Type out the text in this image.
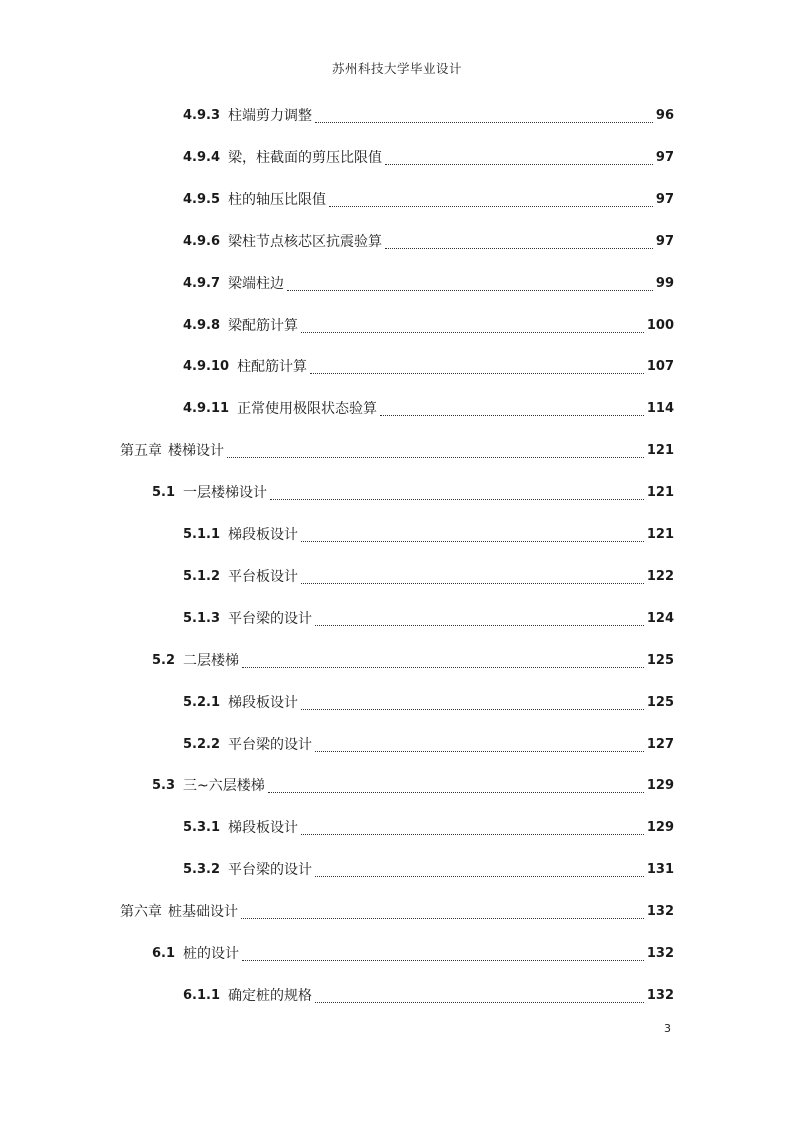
苏州科技大学毕业设计
4.9.3 柱端剪力调整	96
4.9.4 梁，柱截面的剪压比限值	97
4.9.5 柱的轴压比限值	97
4.9.6 梁柱节点核芯区抗震验算	97
4.9.7 梁端柱边	99
4.9.8 梁配筋计算	100
4.9.10 柱配筋计算	107
4.9.11 正常使用极限状态验算	114
第五章 楼梯设计	121
5.1 一层楼梯设计	121
5.1.1 梯段板设计	121
5.1.2 平台板设计	122
5.1.3 平台梁的设计	124
5.2 二层楼梯	125
5.2.1 梯段板设计	125
5.2.2 平台梁的设计	127
5.3 三~六层楼梯	129
5.3.1 梯段板设计	129
5.3.2 平台梁的设计	131
第六章 桩基础设计	132
6.1 桩的设计	132
6.1.1 确定桩的规格	132
3
